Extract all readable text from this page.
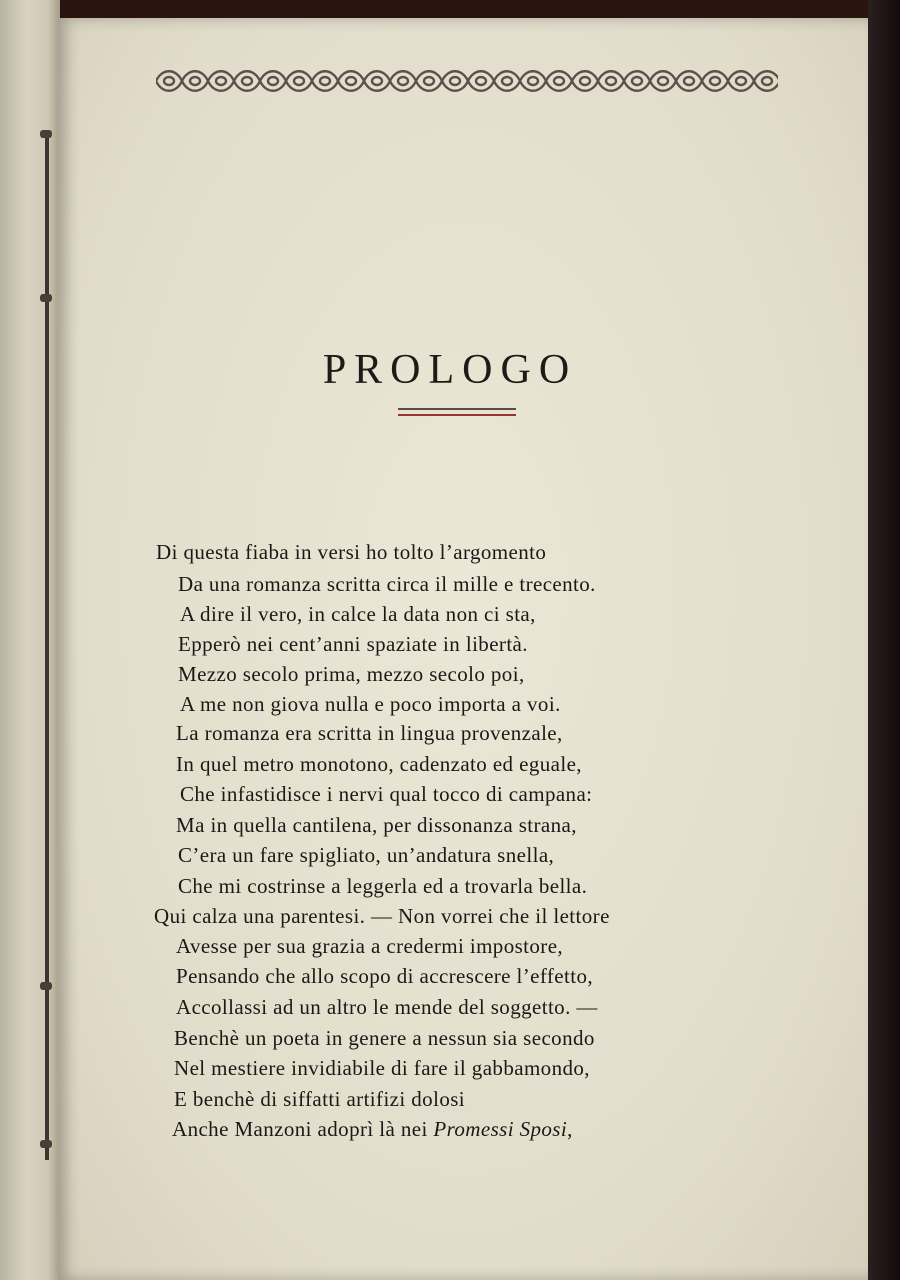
PROLOGO
Di questa fiaba in versi ho tolto l’argomento
Da una romanza scritta circa il mille e trecento.
A dire il vero, in calce la data non ci sta,
Epperò nei cent’anni spaziate in libertà.
Mezzo secolo prima, mezzo secolo poi,
A me non giova nulla e poco importa a voi.
La romanza era scritta in lingua provenzale,
In quel metro monotono, cadenzato ed eguale,
Che infastidisce i nervi qual tocco di campana:
Ma in quella cantilena, per dissonanza strana,
C’era un fare spigliato, un’andatura snella,
Che mi costrinse a leggerla ed a trovarla bella.
Qui calza una parentesi. — Non vorrei che il lettore
Avesse per sua grazia a credermi impostore,
Pensando che allo scopo di accrescere l’effetto,
Accollassi ad un altro le mende del soggetto. —
Benchè un poeta in genere a nessun sia secondo
Nel mestiere invidiabile di fare il gabbamondo,
E benchè di siffatti artifizi dolosi
Anche Manzoni adoprì là nei Promessi Sposi,
